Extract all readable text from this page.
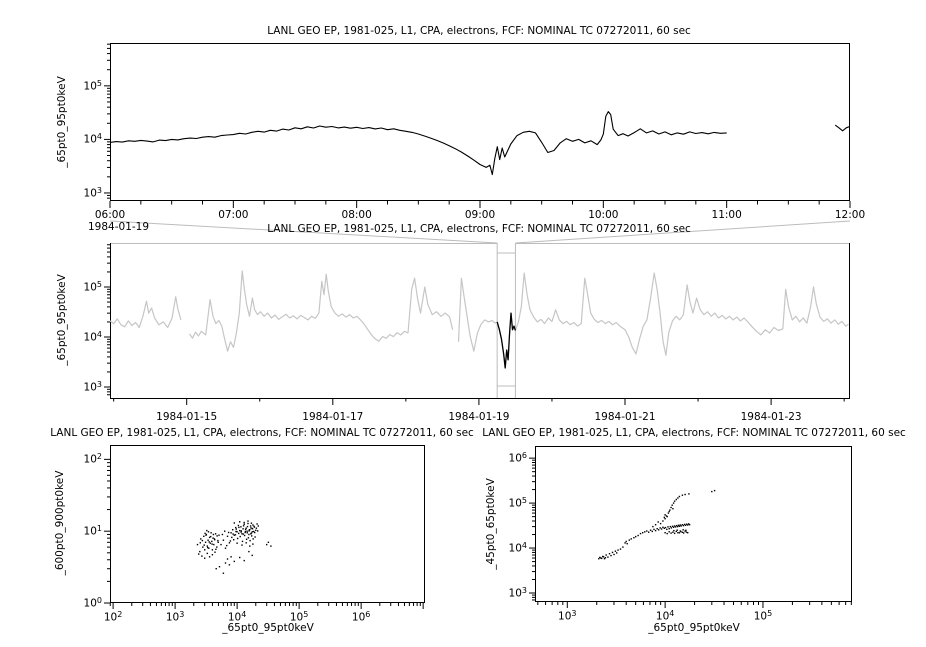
LANL GEO EP, 1981-025, L1, CPA, electrons, FCF: NOMINAL TC 07272011, 60 sec
LANL GEO EP, 1981-025, L1, CPA, electrons, FCF: NOMINAL TC 07272011, 60 sec
LANL GEO EP, 1981-025, L1, CPA, electrons, FCF: NOMINAL TC 07272011, 60 sec LANL GEO EP, 1981-025, L1, CPA, electrons, FCF: NOMINAL TC 07272011, 60 sec
1984-01-19
_65pt0_95pt0keV
_65pt0_95pt0keV
_600pt0_900pt0keV	_45pt0_65pt0keV
_65pt0_95pt0keV	_65pt0_95pt0keV
$10^3$
$10^4$
$10^5$
$10^3$
$10^4$
$10^5$
$10^0$
$10^1$
$10^2$
$10^3$
$10^4$
$10^5$
$10^6$
06:00	07:00	08:00	09:00	10:00	11:00	12:00
1984-01-15	1984-01-17	1984-01-19	1984-01-21	1984-01-23
$10^2$	$10^3$	$10^4$	$10^5$	$10^6$	$10^3$	$10^4$	$10^5$
